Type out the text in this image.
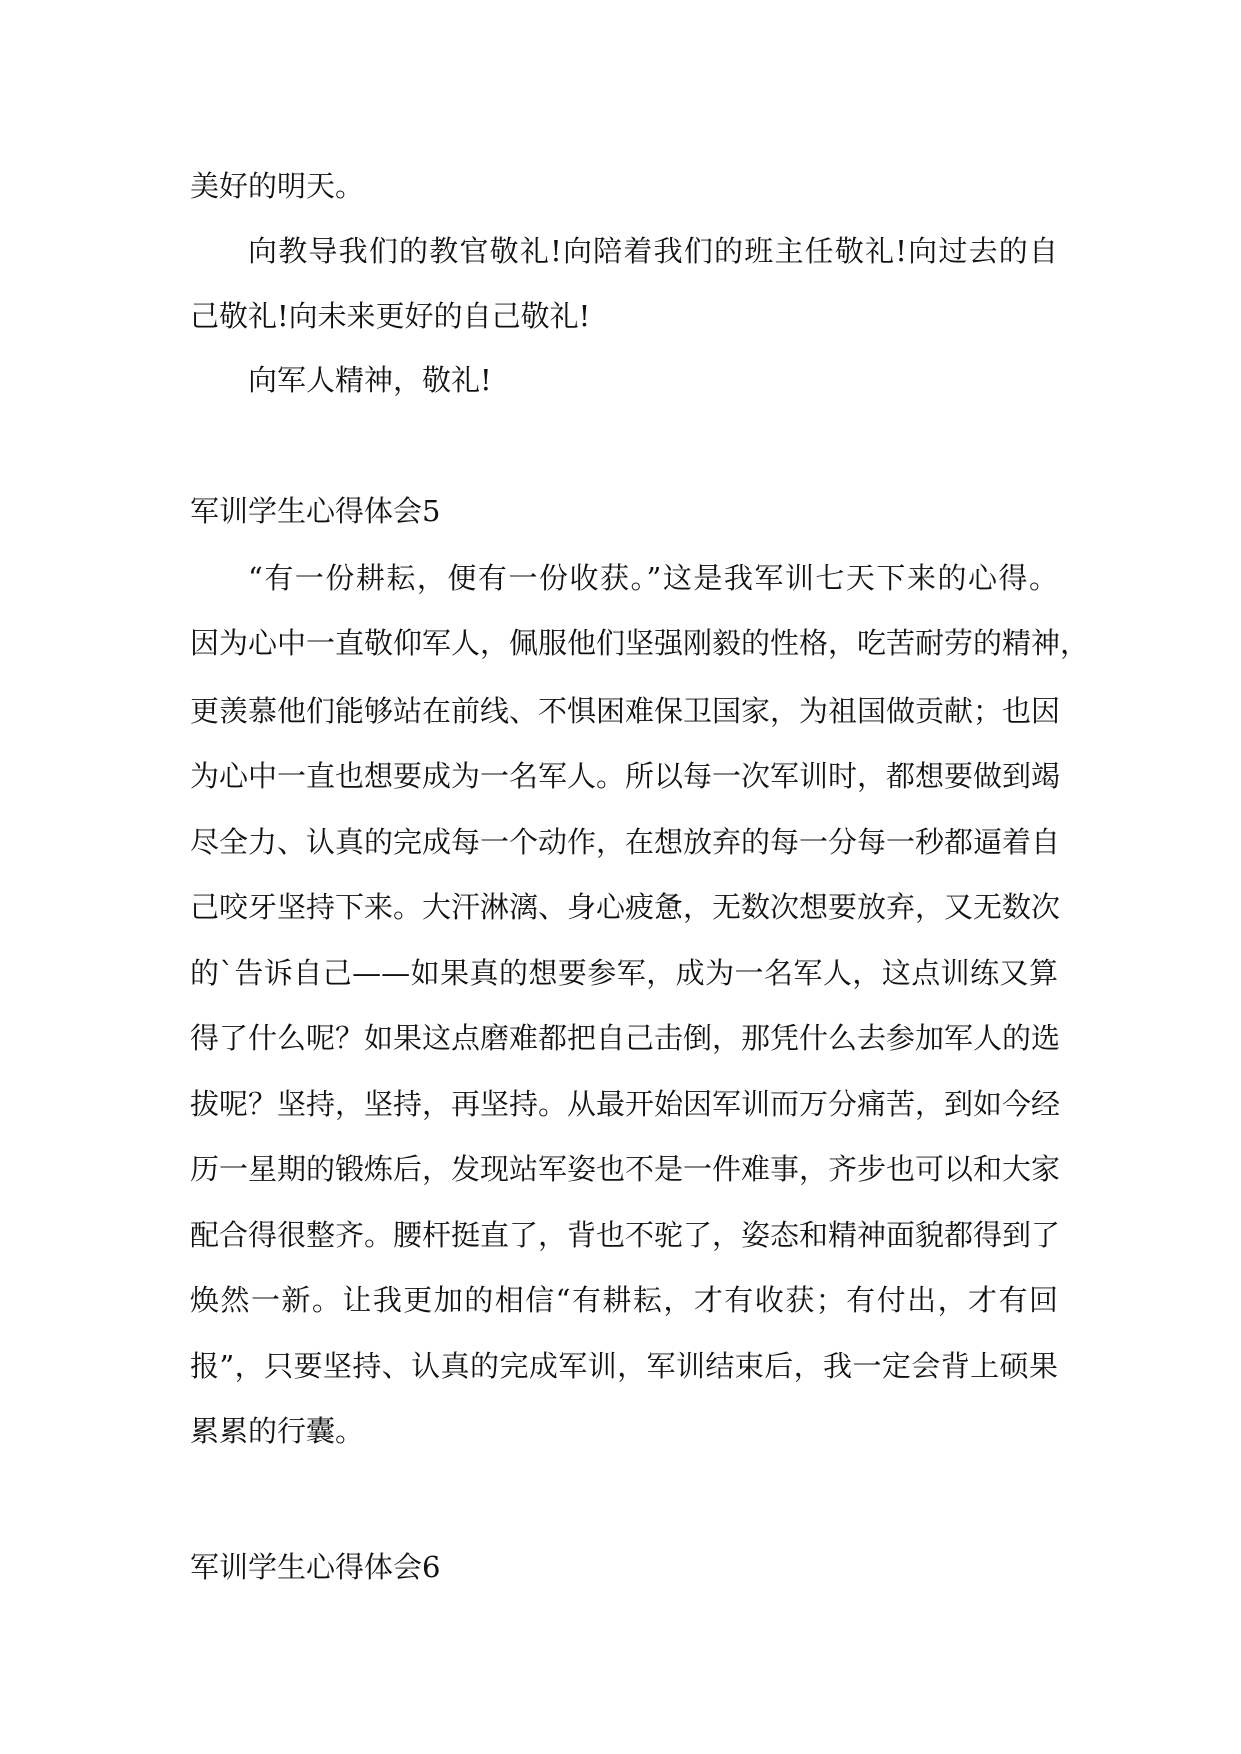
美好的明天。
向教导我们的教官敬礼!向陪着我们的班主任敬礼!向过去的自
己敬礼!向未来更好的自己敬礼!
向军人精神，敬礼!
军训学生心得体会5
“有一份耕耘，便有一份收获。”这是我军训七天下来的心得。
因为心中一直敬仰军人，佩服他们坚强刚毅的性格，吃苦耐劳的精神，
更羡慕他们能够站在前线、不惧困难保卫国家，为祖国做贡献；也因
为心中一直也想要成为一名军人。所以每一次军训时，都想要做到竭
尽全力、认真的完成每一个动作，在想放弃的每一分每一秒都逼着自
己咬牙坚持下来。大汗淋漓、身心疲惫，无数次想要放弃，又无数次
的`告诉自己——如果真的想要参军，成为一名军人，这点训练又算
得了什么呢？如果这点磨难都把自己击倒，那凭什么去参加军人的选
拔呢？坚持，坚持，再坚持。从最开始因军训而万分痛苦，到如今经
历一星期的锻炼后，发现站军姿也不是一件难事，齐步也可以和大家
配合得很整齐。腰杆挺直了，背也不驼了，姿态和精神面貌都得到了
焕然一新。让我更加的相信“有耕耘，才有收获；有付出，才有回
报”，只要坚持、认真的完成军训，军训结束后，我一定会背上硕果
累累的行囊。
军训学生心得体会6
